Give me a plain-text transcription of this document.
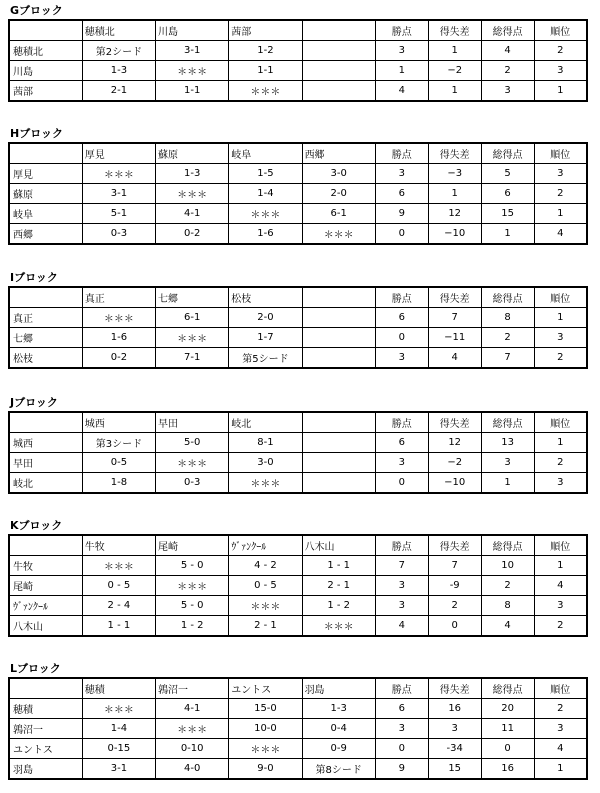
Gブロック
	穂積北	川島	茜部		勝点	得失差	総得点	順位
穂積北	第2シード	3-1	1-2		3	1	4	2
川島	1-3	＊＊＊	1-1		1	−2	2	3
茜部	2-1	1-1	＊＊＊		4	1	3	1
Hブロック
	厚見	蘇原	岐阜	西郷	勝点	得失差	総得点	順位
厚見	＊＊＊	1-3	1-5	3-0	3	−3	5	3
蘇原	3-1	＊＊＊	1-4	2-0	6	1	6	2
岐阜	5-1	4-1	＊＊＊	6-1	9	12	15	1
西郷	0-3	0-2	1-6	＊＊＊	0	−10	1	4
Iブロック
	真正	七郷	松枝		勝点	得失差	総得点	順位
真正	＊＊＊	6-1	2-0		6	7	8	1
七郷	1-6	＊＊＊	1-7		0	−11	2	3
松枝	0-2	7-1	第5シード		3	4	7	2
Jブロック
	城西	早田	岐北		勝点	得失差	総得点	順位
城西	第3シード	5-0	8-1		6	12	13	1
早田	0-5	＊＊＊	3-0		3	−2	3	2
岐北	1-8	0-3	＊＊＊		0	−10	1	3
Kブロック
	牛牧	尾崎	ｳﾞｧﾝｸｰﾙ	八木山	勝点	得失差	総得点	順位
牛牧	＊＊＊	5 - 0	4 - 2	1 - 1	7	7	10	1
尾崎	0 - 5	＊＊＊	0 - 5	2 - 1	3	-9	2	4
ｳﾞｧﾝｸｰﾙ	2 - 4	5 - 0	＊＊＊	1 - 2	3	2	8	3
八木山	1 - 1	1 - 2	2 - 1	＊＊＊	4	0	4	2
Lブロック
	穂積	鶉沼一	ユントス	羽島	勝点	得失差	総得点	順位
穂積	＊＊＊	4-1	15-0	1-3	6	16	20	2
鶉沼一	1-4	＊＊＊	10-0	0-4	3	3	11	3
ユントス	0-15	0-10	＊＊＊	0-9	0	-34	0	4
羽島	3-1	4-0	9-0	第8シード	9	15	16	1
